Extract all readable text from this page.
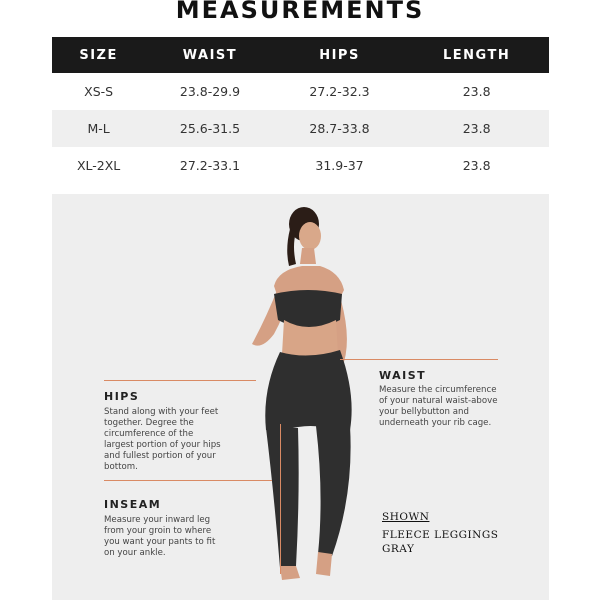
MEASUREMENTS
SIZE	WAIST	HIPS	LENGTH
XS-S	23.8-29.9	27.2-32.3	23.8
M-L	25.6-31.5	28.7-33.8	23.8
XL-2XL	27.2-33.1	31.9-37	23.8
HIPS
Stand along with your feet
together. Degree the
circumference of the
largest portion of your hips
and fullest portion of your
bottom.
INSEAM
Measure your inward leg
from your groin to where
you want your pants to fit
on your ankle.
WAIST
Measure the circumference
of your natural waist-above
your bellybutton and
underneath your rib cage.
SHOWN
FLEECE LEGGINGS
GRAY
